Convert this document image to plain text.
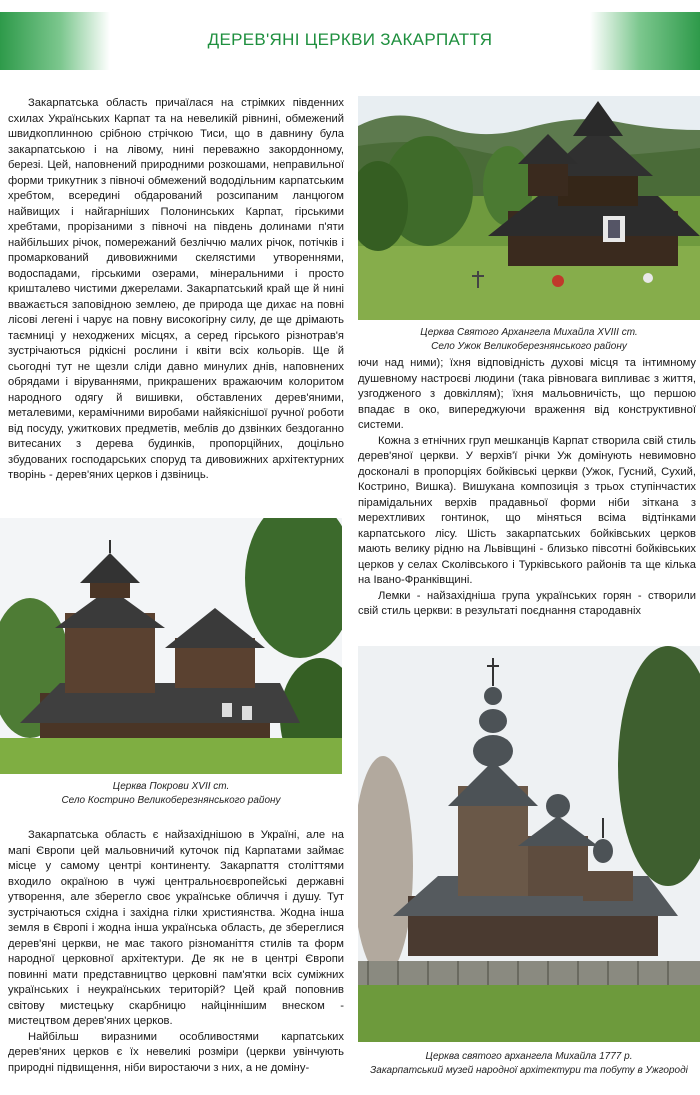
ДЕРЕВ'ЯНІ ЦЕРКВИ ЗАКАРПАТТЯ

Закарпатська область причаїлася на стрімких південних схилах Українських Карпат та на невеликій рівнині, обмежений швидкоплинною срібною стрічкою Тиси, що в давнину була закарпатською і на лівому, нині переважно закордонному, березі. Цей, наповнений природними розкошами, неправильної форми трикутник з півночі обмежений вододільним карпатським хребтом, всередині обдарований розсипаним ланцюгом найвищих і найгарніших Полонинських Карпат, гірськими хребтами, прорізаними з півночі на південь долинами п'яти найбільших річок, помережаний безліччю малих річок, потічків і промаркований дивовижними скелястими утвореннями, водоспадами, гірськими озерами, мінеральними і просто кришталево чистими джерелами. Закарпатський край ще й нині вважається заповідною землею, де природа ще дихає на повні лісові легені і чарує на повну високогірну силу, де ще дрімають таємниці у неходжених місцях, а серед гірського різнотрав'я зустрічаються рідкісні рослини і квіти всіх кольорів. Ще й сьогодні тут не щезли сліди давно минулих днів, наповнених обрядами і віруваннями, прикрашених вражаючим колоритом народного одягу й вишивки, обставлених дерев'яними, металевими, керамічними виробами найякіснішої ручної роботи від посуду, ужиткових предметів, меблів до дзвінких бездоганно витесаних з дерева будинків, пропорційних, доцільно збудованих господарських споруд та дивовижних архітектурних творінь - дерев'яних церков і дзвіниць.

Церква Святого Архангела Михайла XVIII ст.
Село Ужок Великоберезнянського району

ючи над ними); їхня відповідність духові місця та інтимному душевному настроєві людини (така рівновага випливає з життя, узгодженого з довкіллям); їхня мальовничість, що першою впадає в око, випереджуючи враження від конструктивної системи.

Кожна з етнічних груп мешканців Карпат створила свій стиль дерев'яної церкви. У верхів'ї річки Уж домінують невимовно досконалі в пропорціях бойківські церкви (Ужок, Гусний, Сухий, Кострино, Вишка). Вишукана композиція з трьох ступінчастих пірамідальних верхів прадавньої форми ніби зіткана з мерехтливих гонтинок, що міняться всіма відтінками карпатського лісу. Шість закарпатських бойківських церков мають велику рідню на Львівщині - близько півсотні бойківських церков у селах Сколівського і Турківського районів та ще кілька на Івано-Франківщині.

Лемки - найзахідніша група українських горян - створили свій стиль церкви: в результаті поєднання стародавніх

Церква Покрови XVII ст.
Село Кострино Великоберезнянського району

Закарпатська область є найзахіднішою в Україні, але на мапі Європи цей мальовничий куточок під Карпатами займає місце у самому центрі континенту. Закарпаття століттями входило окраїною в чужі центральноєвропейські державні утворення, але зберегло своє українське обличчя і душу. Тут зустрічаються східна і західна гілки християнства. Жодна інша земля в Європі і жодна інша українська область, де збереглися дерев'яні церкви, не має такого різноманіття стилів та форм народної церковної архітектури. Де як не в центрі Європи повинні мати представництво церковні пам'ятки всіх суміжних українських і неукраїнських територій? Цей край поповнив світову мистецьку скарбницю найціннішим внеском - мистецтвом дерев'яних церков.

Найбільш виразними особливостями карпатських дерев'яних церков є їх невеликі розміри (церкви увінчують природні підвищення, ніби виростаючи з них, а не доміну-

Церква святого архангела Михайла 1777 р.
Закарпатський музей народної архітектури та побуту в Ужгороді
